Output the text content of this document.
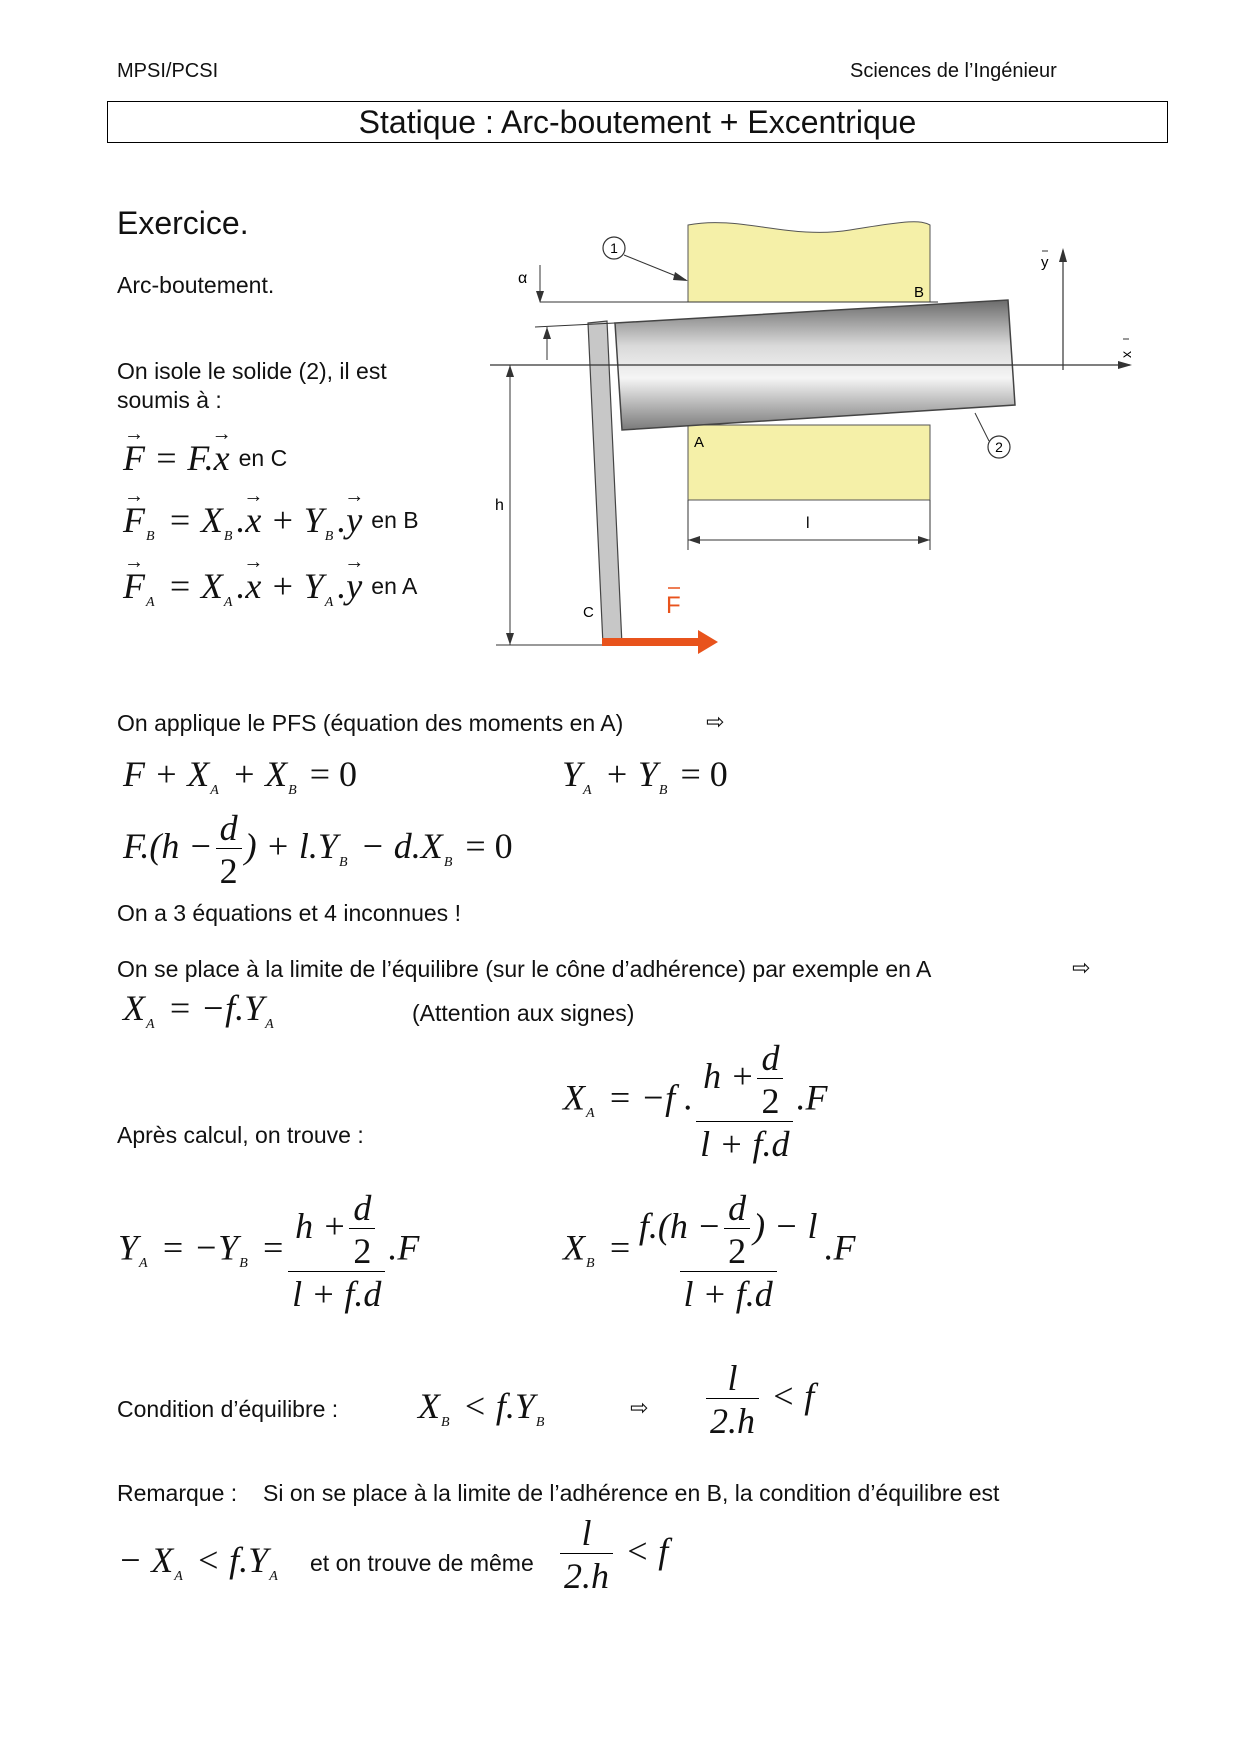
MPSI/PCSI	Sciences de l’Ingénieur
Statique : Arc-boutement + Excentrique
Exercice.
Arc-boutement.
On isole le solide (2), il est
soumis à :
→ F = F.→ x en C
→ $F_B = X_B$ .→ $x + Y_B$ .→ y en B
→ $F_A = X_A$ .→ $x + Y_A$ .→ y en A
1
2
α
B
A
C
h
l
x
y
F
On applique le PFS (équation des moments en A)	⇨
$F + X_A + X_B = 0$	$Y_A + Y_B = 0$
$F.(h - \frac{d}{2}$ ) + $l.Y_B - d.X_B = 0$
On a 3 équations et 4 inconnues !
On se place à la limite de l’équilibre (sur le cône d’adhérence) par exemple en A	⇨
$X_A = -f.Y_A$	(Attention aux signes)
Après calcul, on trouve :
$X_A = -f$ . $\frac{h + \frac{d}{2}}{l + f.d} .F$
$Y_A = -Y_B = \frac{h + \frac{d}{2}}{l + f.d} .F$	$X_B = \frac{f.(h - \frac{d}{2} ) - l}{l + f.d} .F$
Condition d’équilibre : $X_B < f.Y_B$
⇨ $\frac{l}{2.h} < f$
Remarque : Si on se place à la limite de l’adhérence en B, la condition d’équilibre est
− $X_A < f.Y_A$
et on trouve de même $\frac{l}{2.h} < f$
